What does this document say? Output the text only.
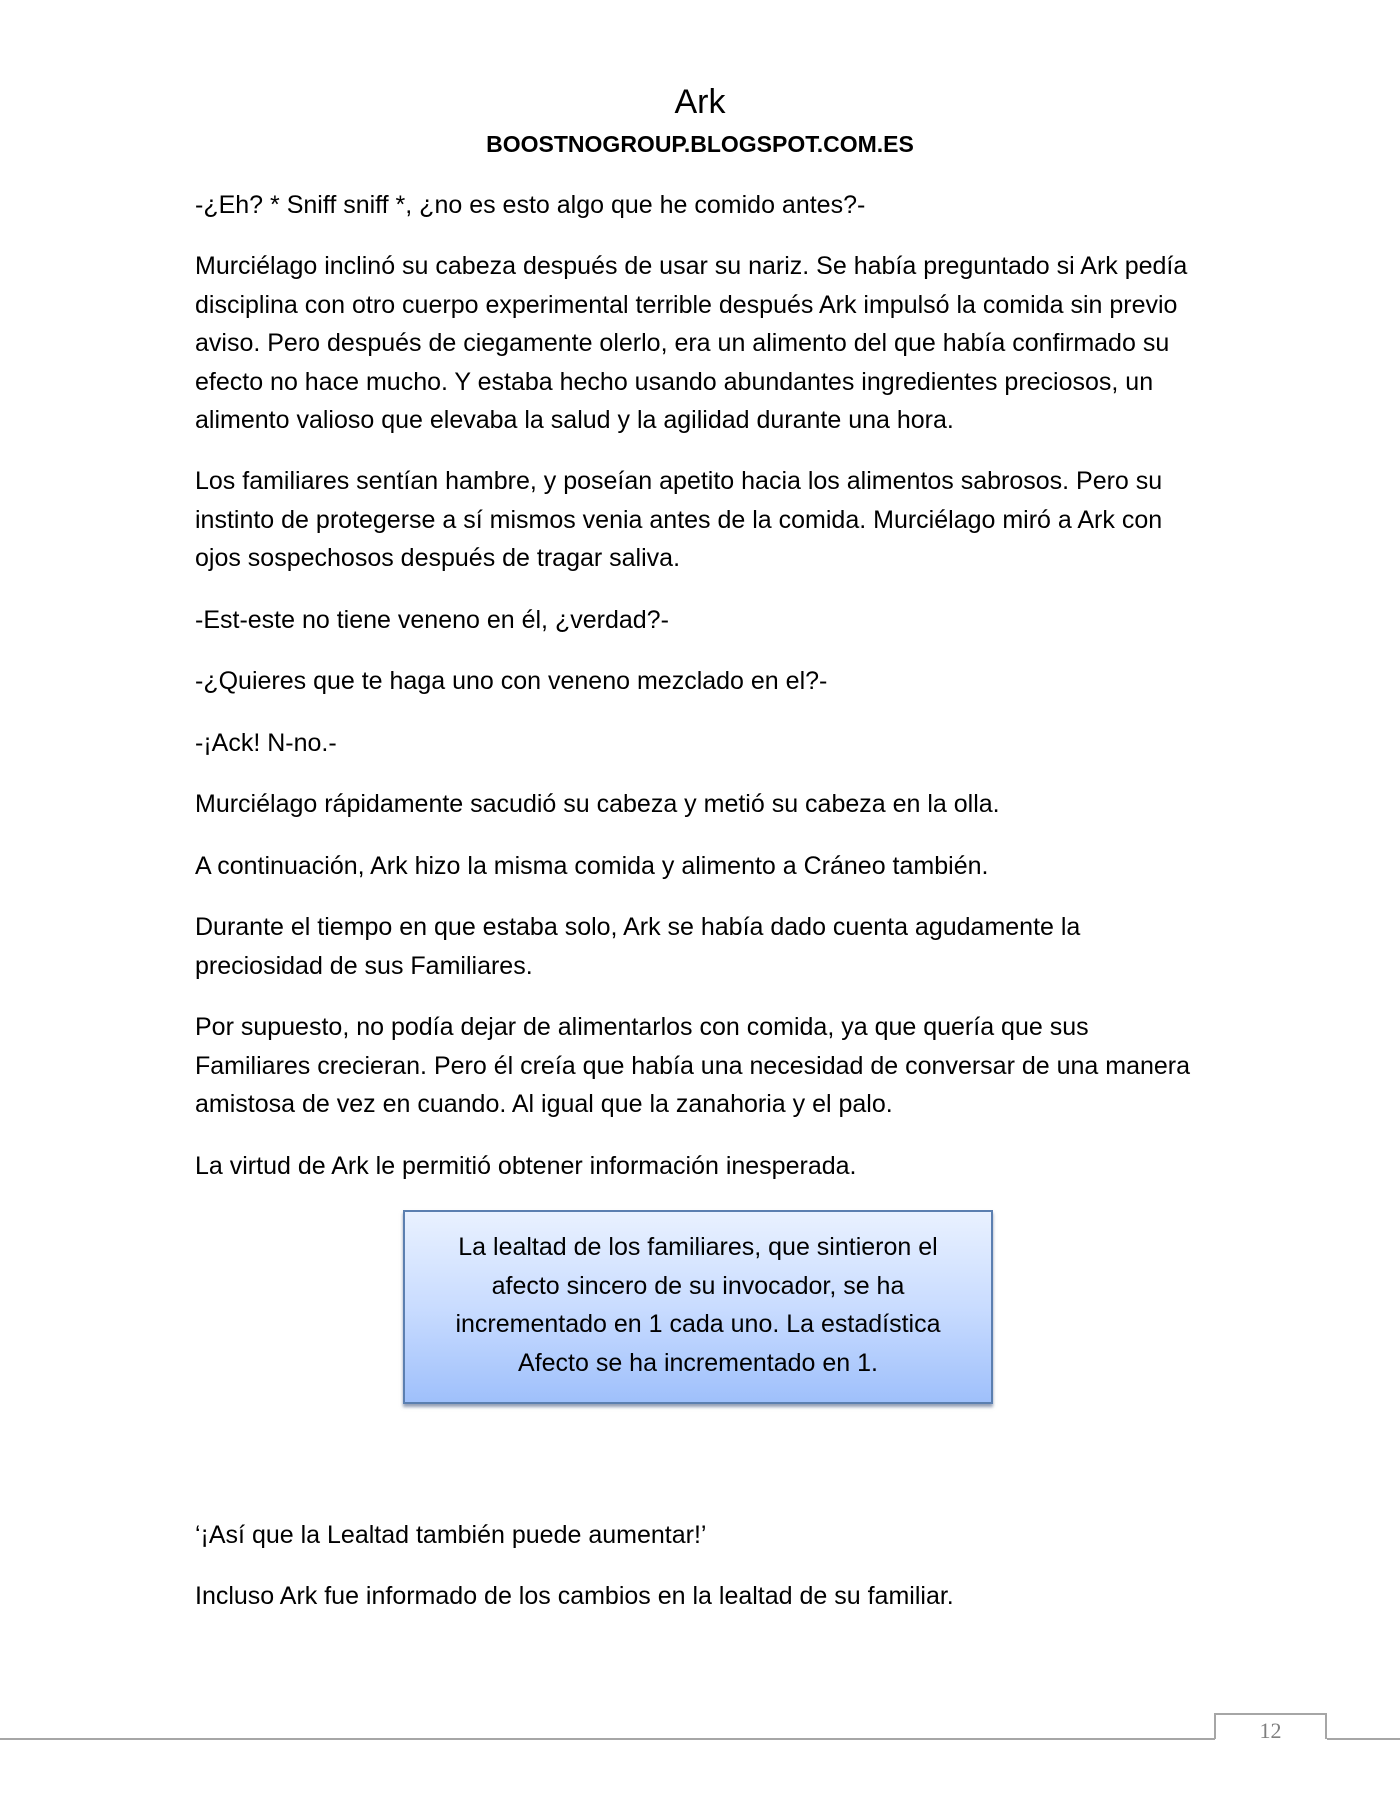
Ark
BOOSTNOGROUP.BLOGSPOT.COM.ES

-¿Eh? * Sniff sniff *, ¿no es esto algo que he comido antes?-

Murciélago inclinó su cabeza después de usar su nariz. Se había preguntado si Ark pedía
disciplina con otro cuerpo experimental terrible después Ark impulsó la comida sin previo
aviso. Pero después de ciegamente olerlo, era un alimento del que había confirmado su
efecto no hace mucho. Y estaba hecho usando abundantes ingredientes preciosos, un
alimento valioso que elevaba la salud y la agilidad durante una hora.

Los familiares sentían hambre, y poseían apetito hacia los alimentos sabrosos. Pero su
instinto de protegerse a sí mismos venia antes de la comida. Murciélago miró a Ark con
ojos sospechosos después de tragar saliva.

-Est-este no tiene veneno en él, ¿verdad?-

-¿Quieres que te haga uno con veneno mezclado en el?-

-¡Ack! N-no.-

Murciélago rápidamente sacudió su cabeza y metió su cabeza en la olla.

A continuación, Ark hizo la misma comida y alimento a Cráneo también.

Durante el tiempo en que estaba solo, Ark se había dado cuenta agudamente la
preciosidad de sus Familiares.

Por supuesto, no podía dejar de alimentarlos con comida, ya que quería que sus
Familiares crecieran. Pero él creía que había una necesidad de conversar de una manera
amistosa de vez en cuando. Al igual que la zanahoria y el palo.

La virtud de Ark le permitió obtener información inesperada.

La lealtad de los familiares, que sintieron el
afecto sincero de su invocador, se ha
incrementado en 1 cada uno. La estadística
Afecto se ha incrementado en 1.

‘¡Así que la Lealtad también puede aumentar!’

Incluso Ark fue informado de los cambios en la lealtad de su familiar.

12
